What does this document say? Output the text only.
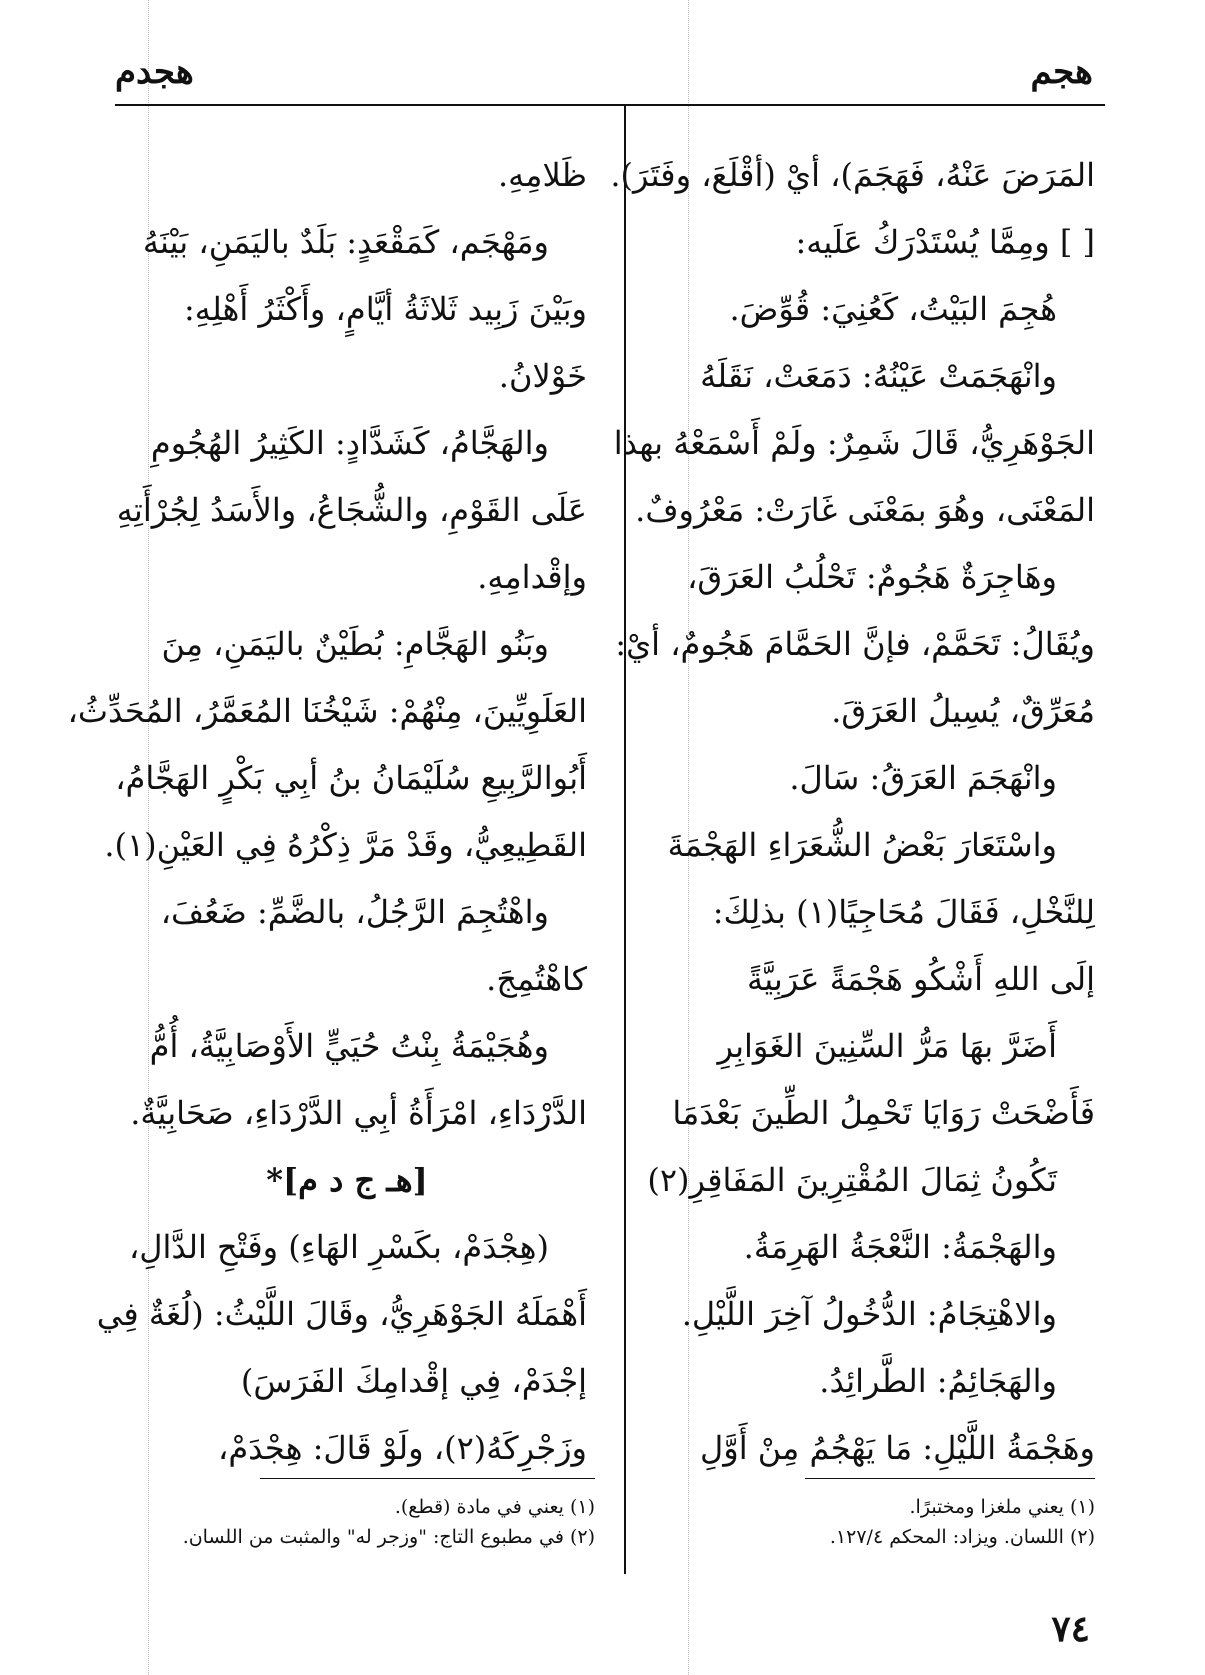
هجم
هجدم
المَرَضَ عَنْهُ، فَهَجَمَ)، أيْ (أقْلَعَ، وفَتَرَ).
[ ] ومِمَّا يُسْتَدْرَكُ عَلَيه:
هُجِمَ البَيْتُ، كَعُنِيَ: قُوِّضَ.
وانْهَجَمَتْ عَيْنُهُ: دَمَعَتْ، نَقَلَهُ
الجَوْهَرِيُّ، قَالَ شَمِرٌ: ولَمْ أَسْمَعْهُ بهذا
المَعْنَى، وهُوَ بمَعْنَى غَارَتْ: مَعْرُوفٌ.
وهَاجِرَةٌ هَجُومٌ: تَحْلُبُ العَرَقَ،
ويُقَالُ: تَحَمَّمْ، فإنَّ الحَمَّامَ هَجُومٌ، أيْ:
مُعَرِّقٌ، يُسِيلُ العَرَقَ.
وانْهَجَمَ العَرَقُ: سَالَ.
واسْتَعَارَ بَعْضُ الشُّعَرَاءِ الهَجْمَةَ
لِلنَّخْلِ، فَقَالَ مُحَاجِيًا(١) بذلِكَ:
إلَى اللهِ أَشْكُو هَجْمَةً عَرَبِيَّةً
أَضَرَّ بهَا مَرُّ السِّنِينَ الغَوَابِرِ
فَأَضْحَتْ رَوَايَا تَحْمِلُ الطِّينَ بَعْدَمَا
تَكُونُ ثِمَالَ المُقْتِرِينَ المَفَاقِرِ(٢)
والهَجْمَةُ: النَّعْجَةُ الهَرِمَةُ.
والاهْتِجَامُ: الدُّخُولُ آخِرَ اللَّيْلِ.
والهَجَائِمُ: الطَّرائِدُ.
وهَجْمَةُ اللَّيْلِ: مَا يَهْجُمُ مِنْ أَوَّلِ
ظَلامِهِ.
ومَهْجَم، كَمَقْعَدٍ: بَلَدٌ باليَمَنِ، بَيْنَهُ
وبَيْنَ زَبِيد ثَلاثَةُ أيَّامٍ، وأَكْثَرُ أَهْلِهِ:
خَوْلانُ.
والهَجَّامُ، كَشَدَّادٍ: الكَثِيرُ الهُجُومِ
عَلَى القَوْمِ، والشُّجَاعُ، والأَسَدُ لِجُرْأَتِهِ
وإقْدامِهِ.
وبَنُو الهَجَّامِ: بُطَيْنٌ باليَمَنِ، مِنَ
العَلَوِيِّينَ، مِنْهُمْ: شَيْخُنَا المُعَمَّرُ، المُحَدِّثُ،
أَبُوالرَّبِيعِ سُلَيْمَانُ بنُ أبِي بَكْرٍ الهَجَّامُ،
القَطِيعِيُّ، وقَدْ مَرَّ ذِكْرُهُ فِي العَيْنِ(١).
واهْتُجِمَ الرَّجُلُ، بالضَّمِّ: ضَعُفَ،
كاهْتُمِجَ.
وهُجَيْمَةُ بِنْتُ حُيَيٍّ الأَوْصَابِيَّةُ، أُمُّ
الدَّرْدَاءِ، امْرَأَةُ أبِي الدَّرْدَاءِ، صَحَابِيَّةٌ.
[هـ ج د م]*
(هِجْدَمْ، بكَسْرِ الهَاءِ) وفَتْحِ الدَّالِ،
أَهْمَلَهُ الجَوْهَرِيُّ، وقَالَ اللَّيْثُ: (لُغَةٌ فِي
إجْدَمْ، فِي إقْدامِكَ الفَرَسَ)
وزَجْرِكَهُ(٢)، ولَوْ قَالَ: هِجْدَمْ،
(١) يعني ملغزا ومختبرًا.
(٢) اللسان. ويزاد: المحكم ١٢٧/٤.
(١) يعني في مادة (قطع).
(٢) في مطبوع التاج: "وزجر له" والمثبت من اللسان.
٧٤
